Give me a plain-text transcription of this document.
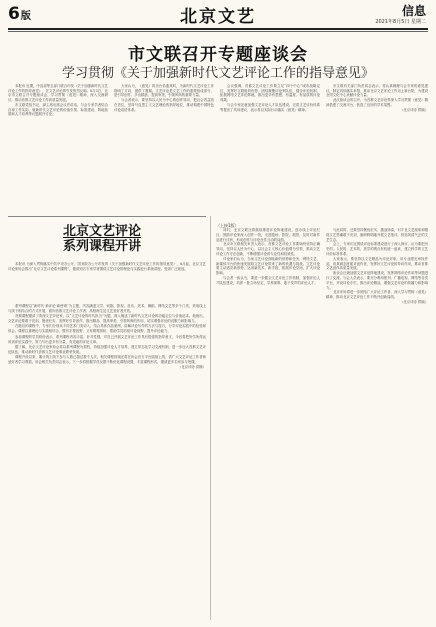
6版	北京文艺	信息
2021年8月5日 星期二
市文联召开专题座谈会
学习贯彻《关于加强新时代文艺评论工作的指导意见》

本报讯 近期，中宣部等五部门联合印发《关于加强新时代文艺评论工作的指导意见》，在文艺评论界引发热烈反响。8月3日，北京市文联召开专题座谈会，学习贯彻《意见》精神，深入交流研讨，推动首都文艺评论工作高质量发展。

市文联党组书记、副主席出席会议并讲话。与会专家学者结合自身工作实际，就新时代文艺评论的价值引领、标准建设、阵地拓展和人才培养等议题展开讨论。

大家认为，《意见》的出台恰逢其时，为新时代文艺评论工作指明了方向、提供了遵循。文艺评论是文艺工作的重要组成部分，是引导创作、多出精品、提高审美、引领风尚的重要力量。

与会者表示，要坚持以人民为中心的创作导向，把社会效益放在首位，坚持马克思主义文艺理论的指导地位，推动构建中国特色评论话语体系。

会议强调，首都文艺评论工作要立足“四个中心”城市战略定位，发挥好文联组织优势，团结凝聚评论家队伍，健全评论机制，拓展网络文艺评论阵地，推出更多有思想、有温度、有品质的评论成果。

与会专家还就加强文艺评论人才队伍建设、完善文艺评价体系等提出了具体建议，表示将以实际行动落实《意见》精神。

市文联有关部门负责同志表示，将认真梳理与会专家的意见建议，制定具体落实举措，推动北京文艺评论工作迈上新台阶，为建设全国文化中心贡献评论力量。

此次座谈会的召开，为首都文艺评论界深入学习贯彻《意见》精神搭建了交流平台，营造了良好的学术氛围。

（北京评协 供稿）
北京文艺评论
系列课程开讲

本报讯 为深入贯彻落实中共中央办公厅、国务院办公厅印发的《关于加强新时代文艺评论工作的指导意见》，8月起，北京文艺评论家协会推出“北京文艺评论系列课程”，邀请知名专家学者围绕文艺评论的理论与实践进行系统讲授，受到广泛欢迎。

系列课程以“新时代·新评论·新使命”为主题，内容涵盖文学、戏剧、影视、音乐、美术、舞蹈、网络文艺等多个门类，采取线上与线下相结合的方式开展，面向首都文艺评论工作者、高校师生及文艺爱好者开放。

首期课程邀请了资深文艺评论家，以“文艺评论的时代担当”为题，深入阐述了新时代文艺评论的功能定位与价值追求。他指出，文艺评论要敢于亮剑、褒优贬劣，发挥好引导创作、推出精品、提高审美、引领风尚的作用，切实增强评论的说服力和影响力。

在随后的课程中，专家们分别从不同艺术门类切入，结合具体作品案例，讲解评论写作的方法与技巧，分享评论实践中的经验和体会。课程注重理论与实践相结合，既有宏观视野，又有微观剖析，帮助学员拓宽评论视野、提升评论能力。

参加课程的学员纷纷表示，系列课程内容丰富、针对性强，对自己开展文艺评论工作具有很强的指导意义，今后将把所学所得运用到评论实践中，努力写出更多有分量、有见地的评论文章。

据了解，北京文艺评论家协会将以系列课程为契机，持续加强评论人才培养，建立常态化学习交流机制，进一步壮大首都文艺评论队伍，推动新时代首都文艺评论事业繁荣发展。

课程开设以来，累计线上线下参与人数已超过数千人次，相关课程视频还将在协会官方平台陆续上线，供广大文艺评论工作者和爱好者学习观看。协会相关负责同志表示，下一步将根据学员反馈不断优化课程设置，丰富课程形式，邀请更多名家参与授课。

（北京评协 供稿）
（上接1版）

同时，北京文联还将继续推进评论阵地建设，创办线上评论栏目，鼓励评论家深入创作一线，走进剧场、影院、展馆，及时对新作品进行评析，形成创作与评论良性互动的局面。

北京市文联相关负责人表示，首都文艺评论工作要始终坚持正确导向，坚持以人民为中心，以社会主义核心价值观为引领，推动文艺评论工作守正创新，不断增强评论的专业性和权威性。

评论家们认为，当前文艺评论面临新的形势和任务，网络文艺、新媒体平台的快速发展给文艺评论带来了新的机遇与挑战。文艺评论要主动适应新形势，运用新技术、新手段，拓展评论空间，扩大评论影响。

与会者一致认为，要进一步健全文艺评论工作机制，加强评论人才队伍建设，培养一批立场坚定、学养深厚、敢于发声的评论人才。

与此同时，还要坚持褒优贬劣、激浊扬清，对不良文艺现象和错误文艺思潮敢于亮剑，旗帜鲜明地开展文艺批评，营造风清气正的文艺生态。

会上，专家们还围绕评论标准建设进行了深入探讨，认为要把历史的、人民的、艺术的、美学的观点有机统一起来，建立科学的文艺评价标准体系。

大家表示，要坚持以文艺精品为评论对象，用专业眼光审视作品，用真诚态度面对创作者，发挥好文艺评论的导向作用，推动首都文艺创作高质量发展。

座谈会还就加强文艺评论阵地建设、发挥网络评论作用等问题进行了交流。与会人员表示，要充分利用报刊、广播电视、网络等各类平台，开设评论专栏，推出评论精品，增强文艺评论的传播力和影响力。

北京评协将进一步团结广大评论工作者，深入学习贯彻《意见》精神，推动北京文艺评论工作不断开创新局面。

（北京评协 供稿）
